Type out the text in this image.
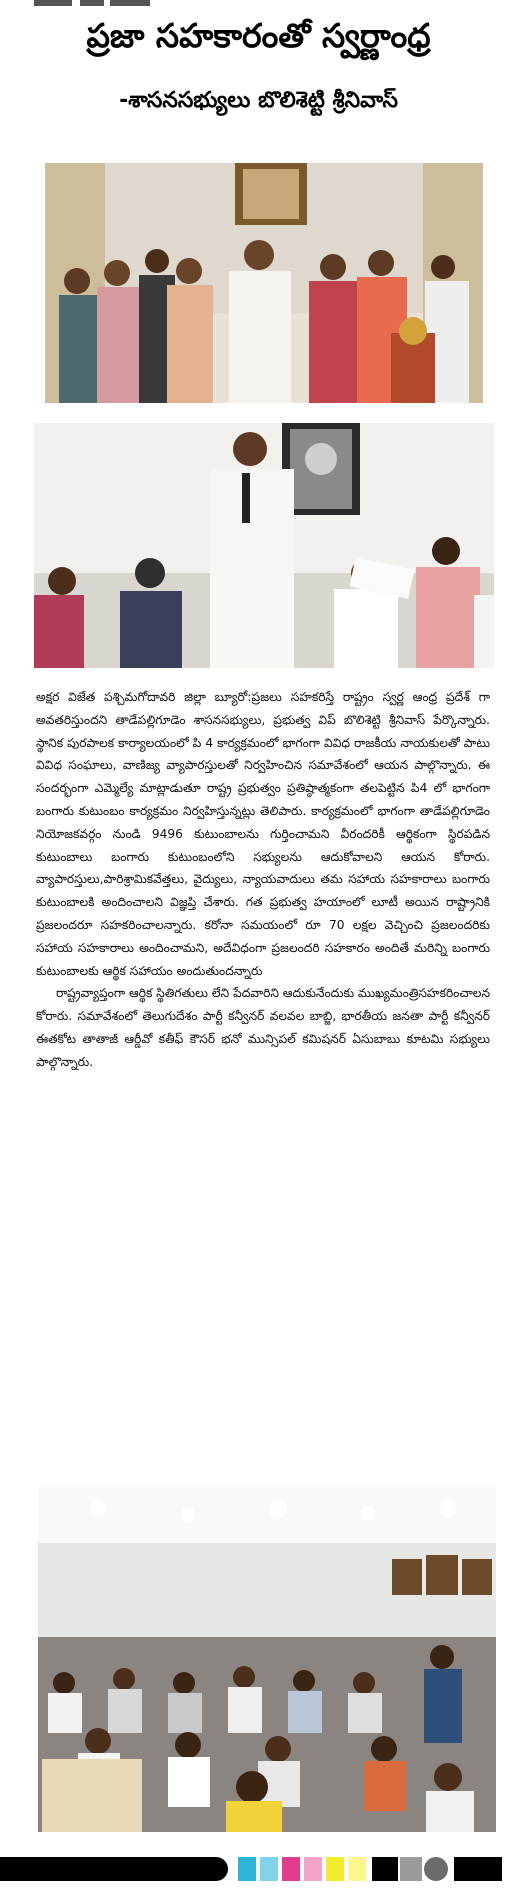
ప్రజా సహకారంతో స్వర్ణాంధ్ర
-శాసనసభ్యులు బొలిశెట్టి శ్రీనివాస్

అక్షర విజేత పశ్చిమగోదావరి జిల్లా బ్యూరో:ప్రజలు సహకరిస్తే రాష్ట్రం స్వర్ణ ఆంధ్ర ప్రదేశ్ గా అవతరిస్తుందని తాడేపల్లిగూడెం శాసనసభ్యులు, ప్రభుత్వ విప్ బొలిశెట్టి శ్రీనివాస్ పేర్కొన్నారు. స్థానిక పురపాలక కార్యాలయంలో పి 4 కార్యక్రమంలో భాగంగా వివిధ రాజకీయ నాయకులతో పాటు వివిధ సంఘాలు, వాణిజ్య వ్యాపారస్తులతో నిర్వహించిన సమావేశంలో ఆయన పాల్గొన్నారు. ఈ సందర్భంగా ఎమ్మెల్యే మాట్లాడుతూ రాష్ట్ర ప్రభుత్వం ప్రతిష్ఠాత్మకంగా తలపెట్టిన పి4 లో భాగంగా బంగారు కుటుంబం కార్యక్రమం నిర్వహిస్తున్నట్లు తెలిపారు. కార్యక్రమంలో భాగంగా తాడేపల్లిగూడెం నియోజకవర్గం నుండి 9496 కుటుంబాలను గుర్తించామని వీరందరికీ ఆర్థికంగా స్థిరపడిన కుటుంబాలు బంగారు కుటుంబంలోని సభ్యులను ఆదుకోవాలని ఆయన కోరారు. వ్యాపారస్తులు,పారిశ్రామికవేత్తలు, వైద్యులు, న్యాయవాదులు తమ సహాయ సహకారాలు బంగారు కుటుంబాలకి అందించాలని విజ్ఞప్తి చేశారు. గత ప్రభుత్వ హయాంలో లూటీ అయిన రాష్ట్రానికి ప్రజలందరూ సహకరించాలన్నారు. కరోనా సమయంలో రూ 70 లక్షల వెచ్చించి ప్రజలందరికు సహాయ సహకారాలు అందించామని, అదేవిధంగా ప్రజలందరి సహకారం అందితే మరిన్ని బంగారు కుటుంబాలకు ఆర్థిక సహాయం అందుతుందన్నారు

రాష్ట్రవ్యాప్తంగా ఆర్థిక స్థితిగతులు లేని పేదవారిని ఆదుకునేందుకు ముఖ్యమంత్రిసహకరించాలన కోరారు. సమావేశంలో తెలుగుదేశం పార్టీ కన్వీనర్ వలవల బాబ్జి, భారతీయ జనతా పార్టీ కన్వీనర్ ఈతకోట తాతాజీ ఆర్డీవో కతీఫ్ కౌసర్ భనో మున్సిపల్ కమిషనర్ ఏసుబాబు కూటమి సభ్యులు పాల్గొన్నారు.
